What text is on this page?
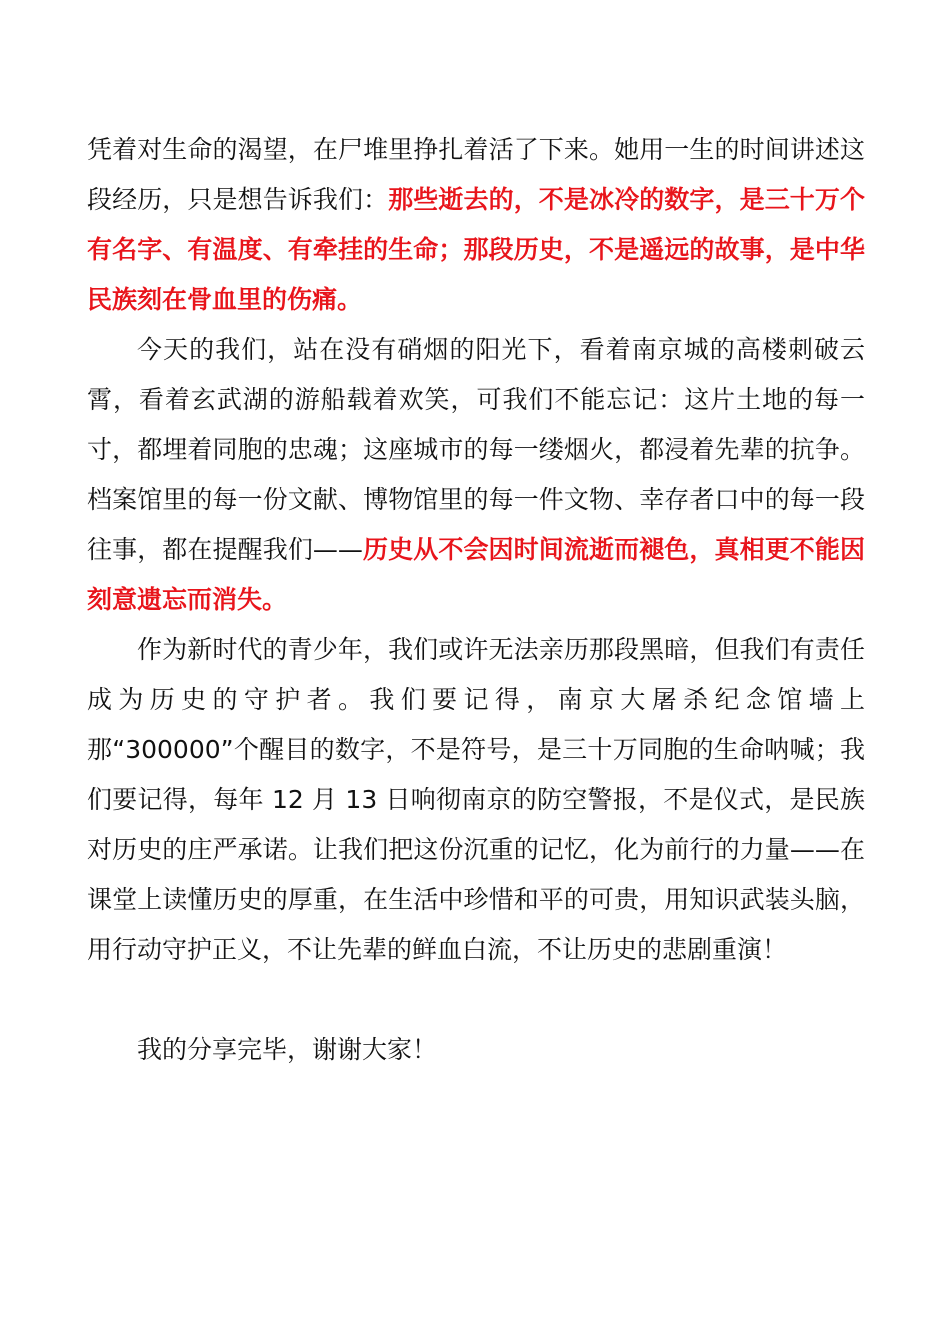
凭着对生命的渴望，在尸堆里挣扎着活了下来。她用一生的时间讲述这段经历，只是想告诉我们：那些逝去的，不是冰冷的数字，是三十万个有名字、有温度、有牵挂的生命；那段历史，不是遥远的故事，是中华民族刻在骨血里的伤痛。

今天的我们，站在没有硝烟的阳光下，看着南京城的高楼刺破云霄，看着玄武湖的游船载着欢笑，可我们不能忘记：这片土地的每一寸，都埋着同胞的忠魂；这座城市的每一缕烟火，都浸着先辈的抗争。档案馆里的每一份文献、博物馆里的每一件文物、幸存者口中的每一段往事，都在提醒我们——历史从不会因时间流逝而褪色，真相更不能因刻意遗忘而消失。

作为新时代的青少年，我们或许无法亲历那段黑暗，但我们有责任成为历史的守护者。我们要记得，南京大屠杀纪念馆墙上那“300000”个醒目的数字，不是符号，是三十万同胞的生命呐喊；我们要记得，每年 12 月 13 日响彻南京的防空警报，不是仪式，是民族对历史的庄严承诺。让我们把这份沉重的记忆，化为前行的力量——在课堂上读懂历史的厚重，在生活中珍惜和平的可贵，用知识武装头脑，用行动守护正义，不让先辈的鲜血白流，不让历史的悲剧重演！

我的分享完毕，谢谢大家！
